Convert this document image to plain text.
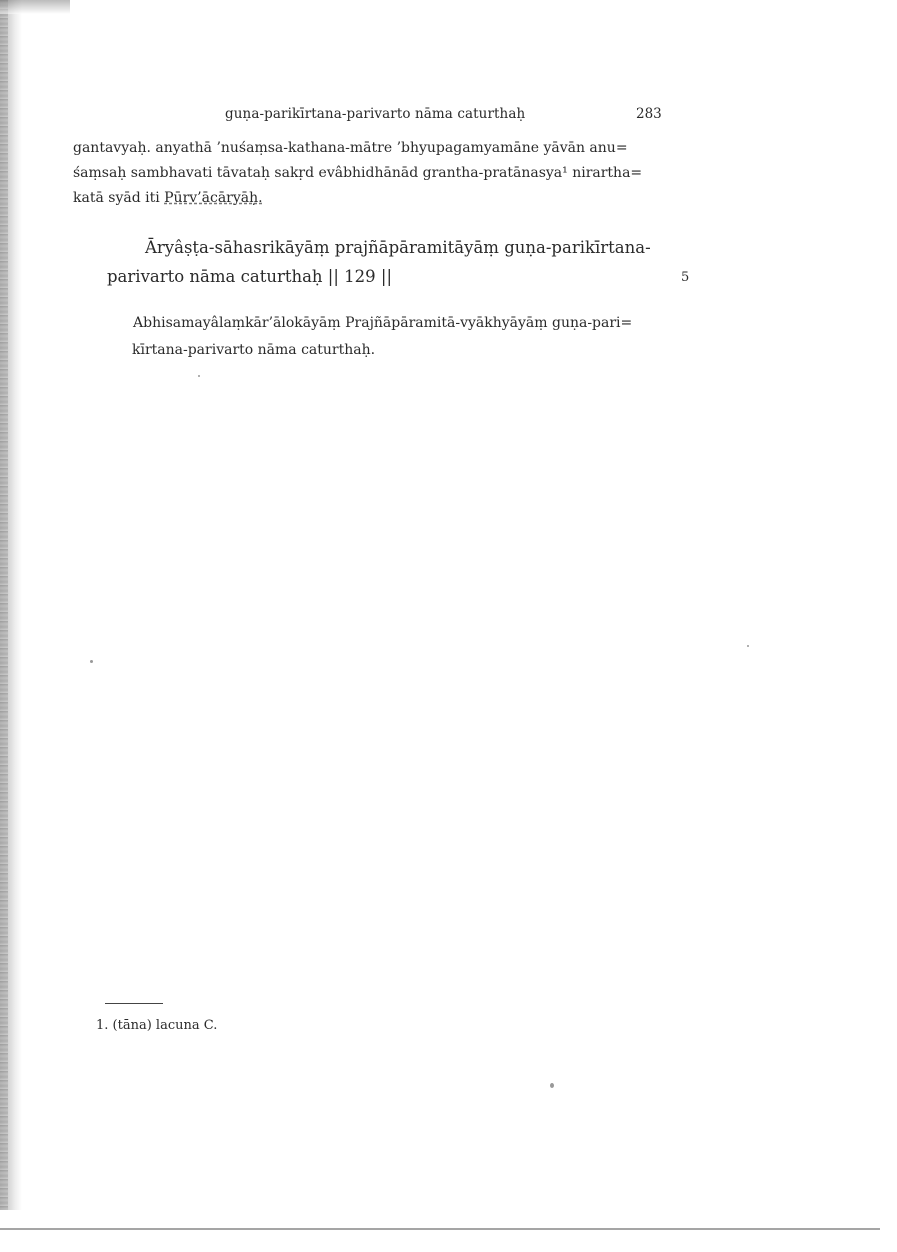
guṇa-parikīrtana-parivarto nāma caturthaḥ	283
gantavyaḥ. anyathā ’nuśaṃsa-kathana-mātre ’bhyupagamyamāne yāvān anu=
śaṃsaḥ sambhavati tāvataḥ sakṛd evâbhidhānād grantha-pratānasya¹ nirartha=
katā syād iti Pūrv’ācāryāḥ.
Āryâṣṭa-sāhasrikāyāṃ prajñāpāramitāyāṃ guṇa-parikīrtana-
parivarto nāma caturthaḥ || 129 ||	5
Abhisamayâlaṃkār’ālokāyāṃ Prajñāpāramitā-vyākhyāyāṃ guṇa-pari=
kīrtana-parivarto nāma caturthaḥ.
1. (tāna) lacuna C.
